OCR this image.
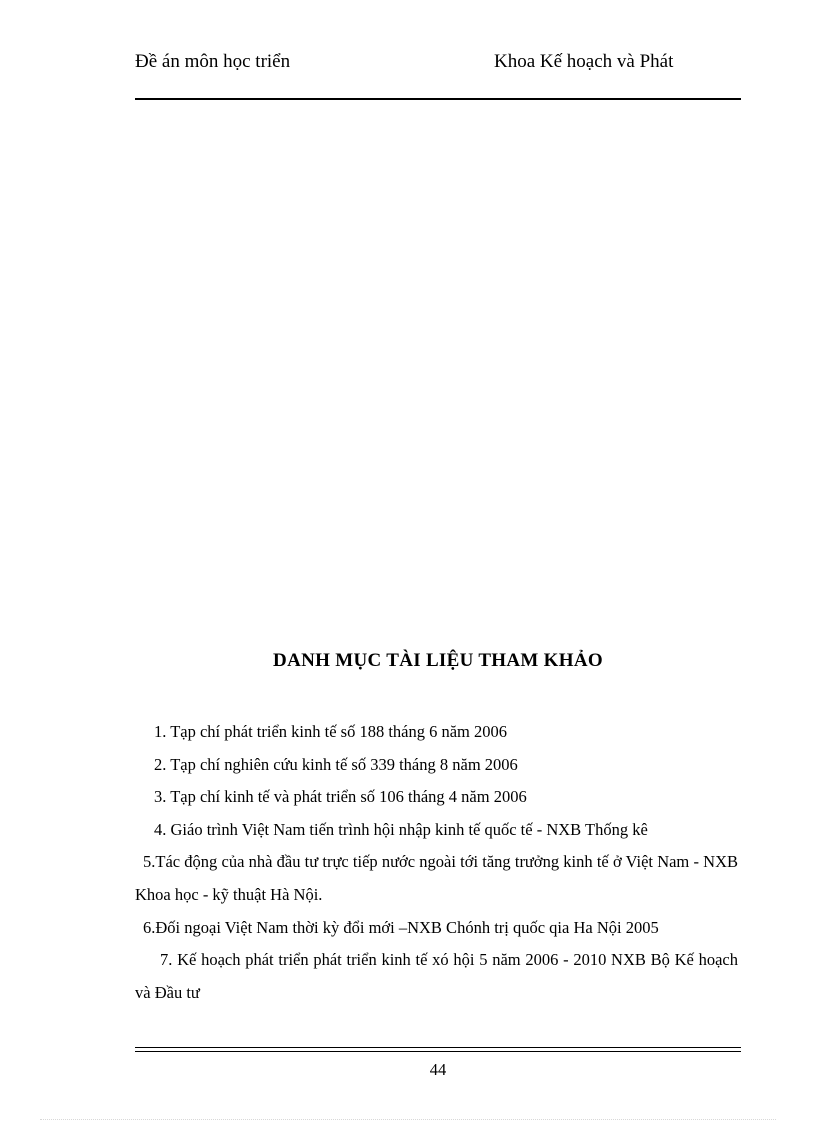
Đề án môn học triển	Khoa Kế hoạch và Phát
DANH MỤC TÀI LIỆU THAM KHẢO

1. Tạp chí phát triển kinh tế số 188 tháng 6 năm 2006

2. Tạp chí nghiên cứu kinh tế số 339 tháng 8 năm 2006

3. Tạp chí kinh tế và phát triển số 106 tháng 4 năm 2006

4. Giáo trình Việt Nam tiến trình hội nhập kinh tế quốc tế - NXB Thống kê

5.Tác động của nhà đầu tư trực tiếp nước ngoài tới tăng trưởng kinh tế ở Việt Nam - NXB Khoa học - kỹ thuật Hà Nội.

6.Đối ngoại Việt Nam thời kỳ đổi mới –NXB Chónh trị quốc qia Ha Nội 2005

7. Kế hoạch phát triển phát triển kinh tế xó hội 5 năm 2006 - 2010 NXB Bộ Kế hoạch và Đầu tư

44
